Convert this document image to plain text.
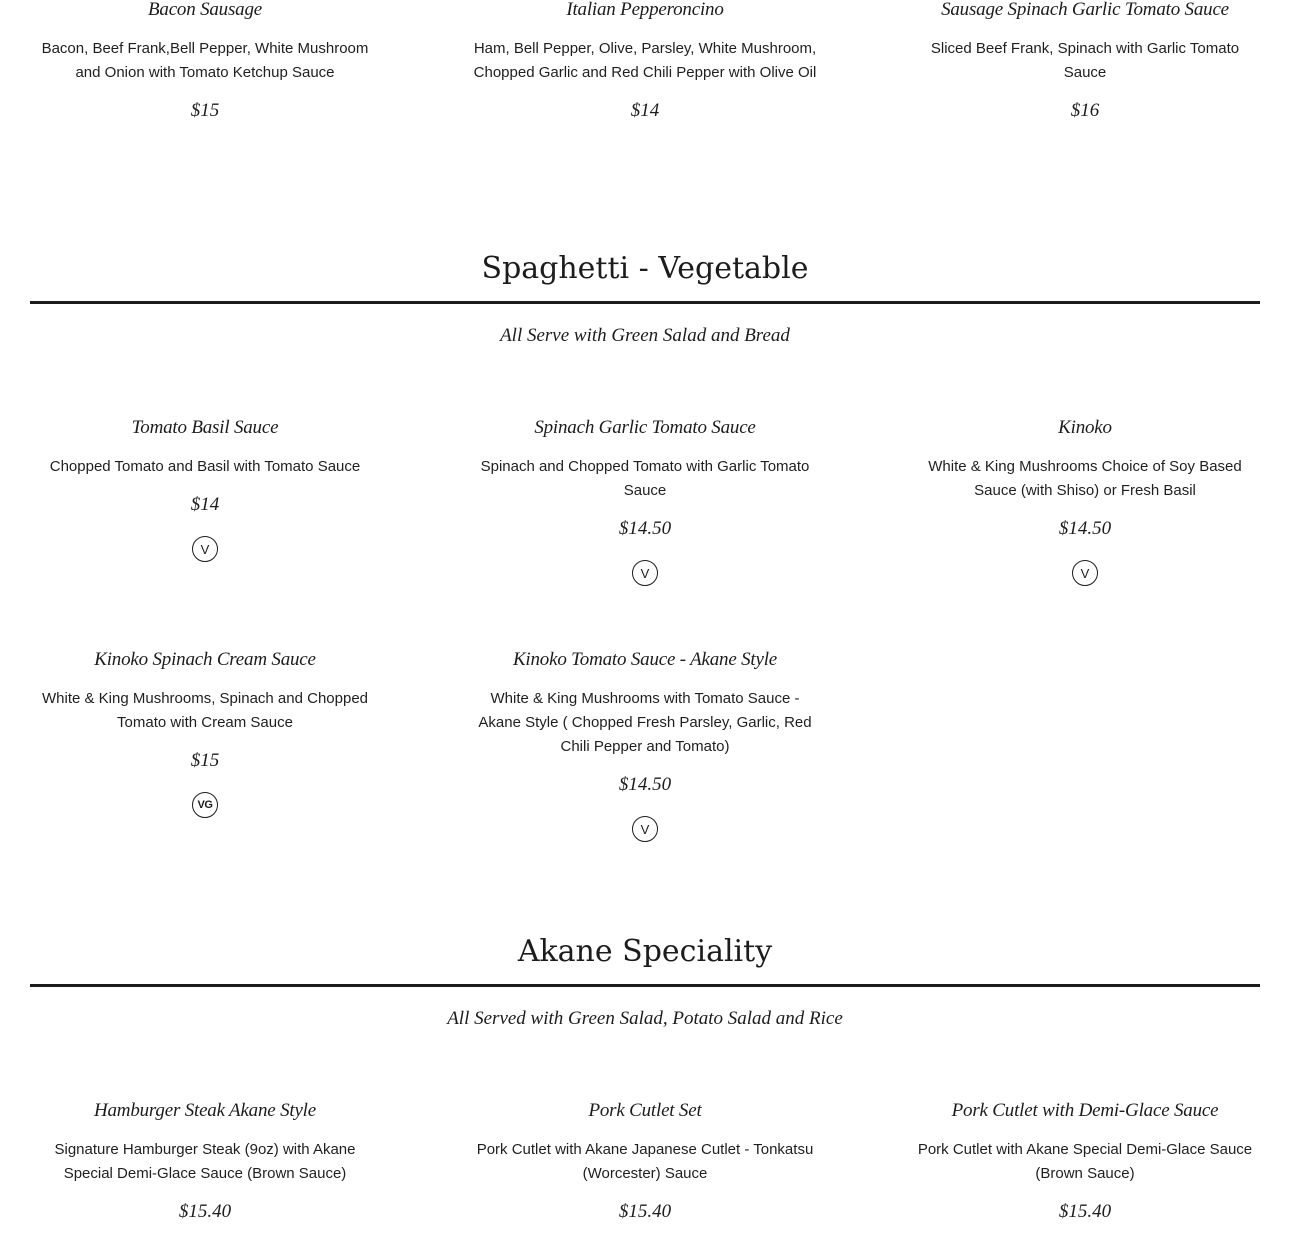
Bacon Sausage
Bacon, Beef Frank,Bell Pepper, White Mushroom and Onion with Tomato Ketchup Sauce
$15
Italian Pepperoncino
Ham, Bell Pepper, Olive, Parsley, White Mushroom, Chopped Garlic and Red Chili Pepper with Olive Oil
$14
Sausage Spinach Garlic Tomato Sauce
Sliced Beef Frank, Spinach with Garlic Tomato Sauce
$16
Spaghetti - Vegetable
All Serve with Green Salad and Bread
Tomato Basil Sauce
Chopped Tomato and Basil with Tomato Sauce
$14
V
Spinach Garlic Tomato Sauce
Spinach and Chopped Tomato with Garlic Tomato Sauce
$14.50
V
Kinoko
White & King Mushrooms Choice of Soy Based Sauce (with Shiso) or Fresh Basil
$14.50
V
Kinoko Spinach Cream Sauce
White & King Mushrooms, Spinach and Chopped Tomato with Cream Sauce
$15
VG
Kinoko Tomato Sauce - Akane Style
White & King Mushrooms with Tomato Sauce - Akane Style ( Chopped Fresh Parsley, Garlic, Red Chili Pepper and Tomato)
$14.50
V
Akane Speciality
All Served with Green Salad, Potato Salad and Rice
Hamburger Steak Akane Style
Signature Hamburger Steak (9oz) with Akane Special Demi-Glace Sauce (Brown Sauce)
$15.40
Pork Cutlet Set
Pork Cutlet with Akane Japanese Cutlet - Tonkatsu (Worcester) Sauce
$15.40
Pork Cutlet with Demi-Glace Sauce
Pork Cutlet with Akane Special Demi-Glace Sauce (Brown Sauce)
$15.40
